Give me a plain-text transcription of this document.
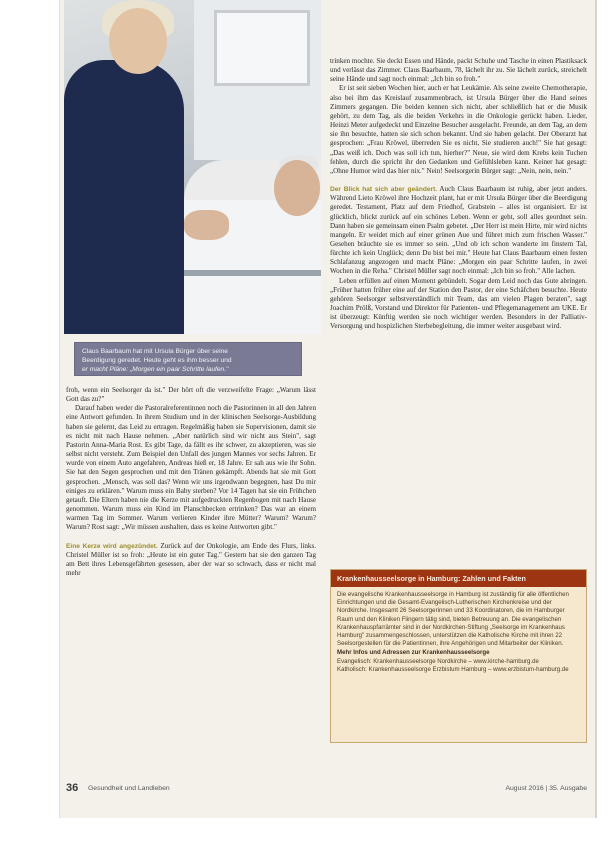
Claus Baarbaum hat mit Ursula Bürger über seine
Beerdigung geredet. Heute geht es ihm besser und
er macht Pläne: „Morgen ein paar Schritte laufen."

froh, wenn ein Seelsorger da ist." Der hört oft die verzweifelte Frage: „Warum lässt Gott das zu?"

Darauf haben weder die Pastoralreferentinnen noch die Pastorinnen in all den Jahren eine Antwort gefunden. In ihrem Studium und in der klinischen Seelsorge-Ausbildung haben sie gelernt, das Leid zu ertragen. Regelmäßig haben sie Supervisionen, damit sie es nicht mit nach Hause nehmen. „Aber natürlich sind wir nicht aus Stein", sagt Pastorin Anna-Maria Rost. Es gibt Tage, da fällt es ihr schwer, zu akzeptieren, was sie selbst nicht versteht. Zum Beispiel den Unfall des jungen Mannes vor sechs Jahren. Er wurde von einem Auto angefahren, Andreas hieß er, 18 Jahre. Er sah aus wie ihr Sohn. Sie hat den Segen gesprochen und mit den Tränen gekämpft. Abends hat sie mit Gott gesprochen. „Mensch, was soll das? Wenn wir uns irgendwann begegnen, hast Du mir einiges zu erklären." Warum muss ein Baby sterben? Vor 14 Tagen hat sie ein Frühchen getauft. Die Eltern haben nie die Kerze mit aufgedruckten Regenbogen mit nach Hause genommen. Warum muss ein Kind im Planschbecken ertrinken? Das war an einem warmen Tag im Sommer. Warum verlieren Kinder ihre Mütter? Warum? Warum? Warum? Rost sagt: „Wir müssen aushalten, dass es keine Antworten gibt."

Eine Kerze wird angezündet. Zurück auf der Onkologie, am Ende des Flurs, links. Christel Müller ist so froh: „Heute ist ein guter Tag." Gestern hat sie den ganzen Tag am Bett ihres Lebensgefährten gesessen, aber der war so schwach, dass er nicht mal mehr

trinken mochte. Sie deckt Essen und Hände, packt Schuhe und Tasche in einen Plastiksack und verlässt das Zimmer. Claus Baarbaum, 78, lächelt ihr zu. Sie lächelt zurück, streichelt seine Hände und sagt noch einmal: „Ich bin so froh."

Er ist seit sieben Wochen hier, auch er hat Leukämie. Als seine zweite Chemotherapie, also bei ihm das Kreislauf zusammenbrach, ist Ursula Bürger über die Hand seines Zimmers gegangen. Die beiden kennen sich nicht, aber schließlich hat er die Musik gehört, zu dem Tag, als die beiden Verkehrs in die Onkologie gerückt haben. Lieder, Heinzi Meter aufgedeckt und Einzelne Besucher ausgelacht. Freunde, an dem Tag, an dem sie ihn besuchte, hatten sie sich schon bekannt. Und sie haben gelacht. Der Oberarzt hat gesprochen: „Frau Kröwel, überreden Sie es nicht, Sie studieren auch!" Sie hat gesagt: „Das weiß ich. Doch was soll ich tun, hierher?" Neue, sie wird dem Krebs kein Tuchen fehlen, durch die spricht ihr den Gedanken und Gefühlsleben kann. Keiner hat gesagt: „Ohne Humor wird das hier nix." Nein! Seelsorgerin Bürger sagt: „Nein, nein, nein."

Der Blick hat sich aber geändert. Auch Claus Baarbaum ist ruhig, aber jetzt anders. Während Lieto Kröwel ihre Hochzeit plant, hat er mit Ursula Bürger über die Beerdigung geredet. Testament, Platz auf dem Friedhof, Grabstein – alles ist organisiert. Er ist glücklich, blickt zurück auf ein schönes Leben. Wenn er geht, soll alles geordnet sein. Dann haben sie gemeinsam einen Psalm gebetet. „Der Herr ist mein Hirte, mir wird nichts mangeln. Er weidet mich auf einer grünen Aue und führet mich zum frischen Wasser." Gesehen bräuchte sie es immer so sein. „Und ob ich schon wanderte im finstern Tal, fürchte ich kein Unglück; denn Du bist bei mir." Heute hat Claus Baarbaum einen festen Schlafanzug angezogen und macht Pläne: „Morgen ein paar Schritte laufen, in zwei Wochen in die Reha." Christel Müller sagt noch einmal: „Ich bin so froh." Alle lachen.

Leben erfüllen auf einen Moment gebündelt. Sogar dem Leid noch das Gute abringen. „Früher hatten früher eine auf der Station den Pastor, der eine Schäfchen besuchte. Heute gehören Seelsorger selbstverständlich mit Team, das am vielen Plagen beraten", sagt Joachim Prölß, Vorstand und Direktor für Patienten- und Pflegemanagement am UKE. Er ist überzeugt: Künftig werden sie noch wichtiger werden. Besonders in der Palliativ-Versorgung und hospizlichen Sterbebegleitung, die immer weiter ausgebaut wird.

Krankenhausseelsorge in Hamburg: Zahlen und Fakten
Die evangelische Krankenhausseelsorge in Hamburg ist zuständig für alle öffentlichen Einrichtungen und die Gesamt-Evangelisch-Lutherischen Kirchenkreise und der Nordkirche. Insgesamt 26 Seelsorgerinnen und 33 Koordinatoren, die im Hamburger Raum und den Kliniken Flingern tätig sind, bieten Betreuung an. Die evangelischen Krankenhauspfarrämter sind in der Nordkirchen-Stiftung „Seelsorge im Krankenhaus Hamburg" zusammengeschlossen, unterstützen die Katholische Kirche mit ihren 22 Seelsorgestellen für die Patientinnen, ihre Angehörigen und Mitarbeiter der Kliniken.
Mehr Infos und Adressen zur Krankenhausseelsorge
Evangelisch: Krankenhausseelsorge Nordkirche – www.kirche-hamburg.de
Katholisch: Krankenhausseelsorge Erzbistum Hamburg – www.erzbistum-hamburg.de
36 Gesundheit und Landleben	August 2016 | 35. Ausgabe
